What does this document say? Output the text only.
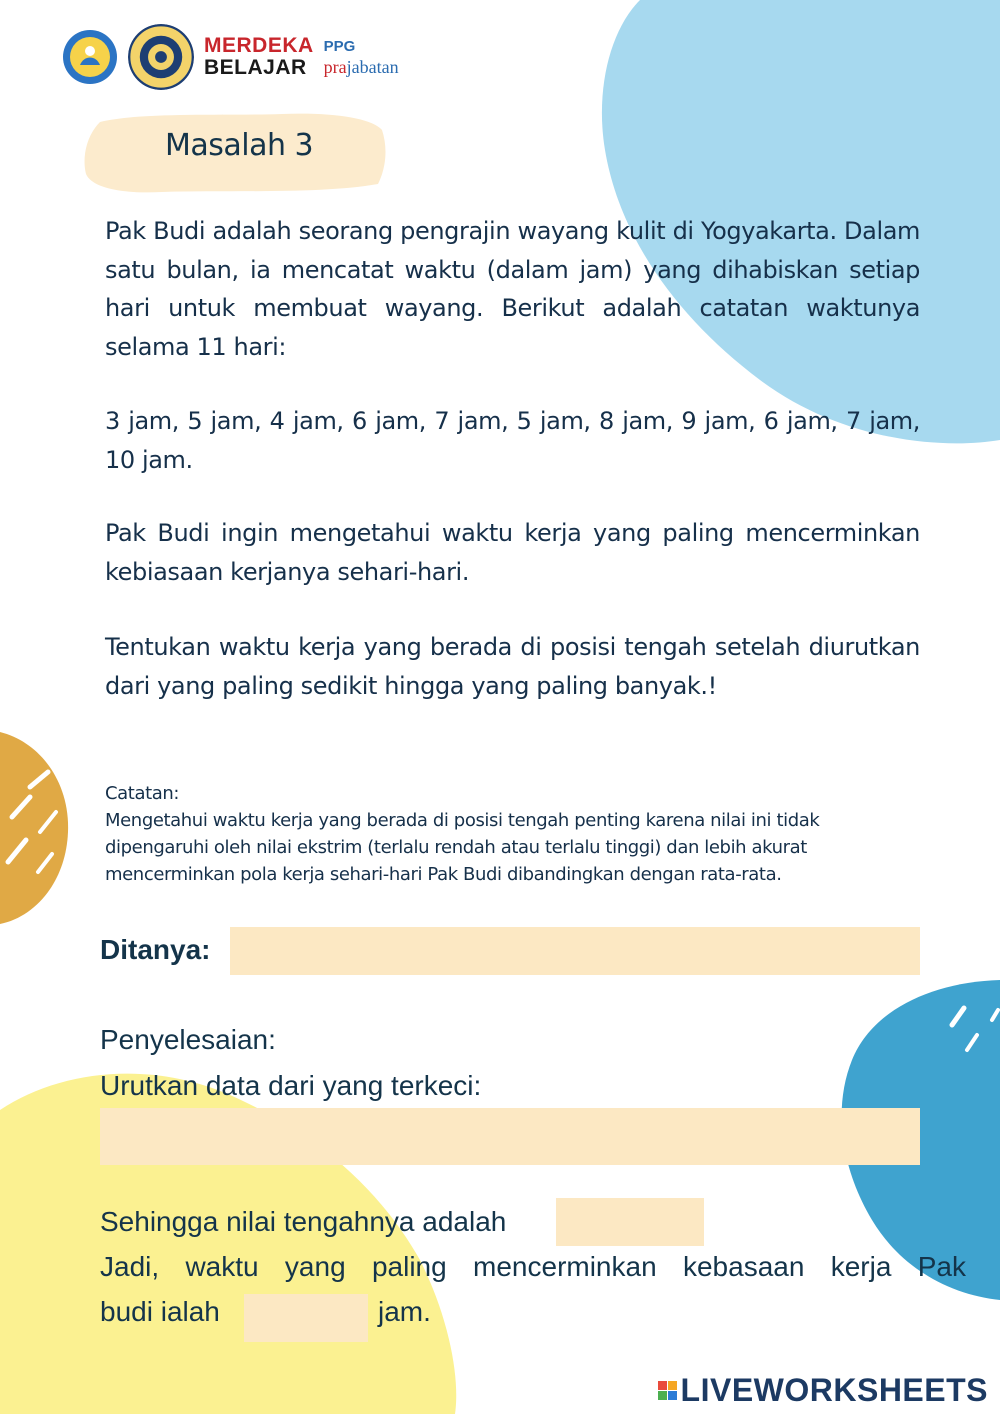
MERDEKA
BELAJAR
PPG
prajabatan
Masalah 3
Pak Budi adalah seorang pengrajin wayang kulit di Yogyakarta. Dalam satu bulan, ia mencatat waktu (dalam jam) yang dihabiskan setiap hari untuk membuat wayang. Berikut adalah catatan waktunya selama 11 hari:
3 jam, 5 jam, 4 jam, 6 jam, 7 jam, 5 jam, 8 jam, 9 jam, 6 jam, 7 jam, 10 jam.
Pak Budi ingin mengetahui waktu kerja yang paling mencerminkan kebiasaan kerjanya sehari-hari.
Tentukan waktu kerja yang berada di posisi tengah setelah diurutkan dari yang paling sedikit hingga yang paling banyak.!
Catatan:
Mengetahui waktu kerja yang berada di posisi tengah penting karena nilai ini tidak dipengaruhi oleh nilai ekstrim (terlalu rendah atau terlalu tinggi) dan lebih akurat mencerminkan pola kerja sehari-hari Pak Budi dibandingkan dengan rata-rata.
Ditanya:
Penyelesaian:
Urutkan data dari yang terkeci:
Sehingga nilai tengahnya adalah
Jadi, waktu yang paling mencerminkan kebasaan kerja Pak
budi ialah	jam.
LIVEWORKSHEETS
